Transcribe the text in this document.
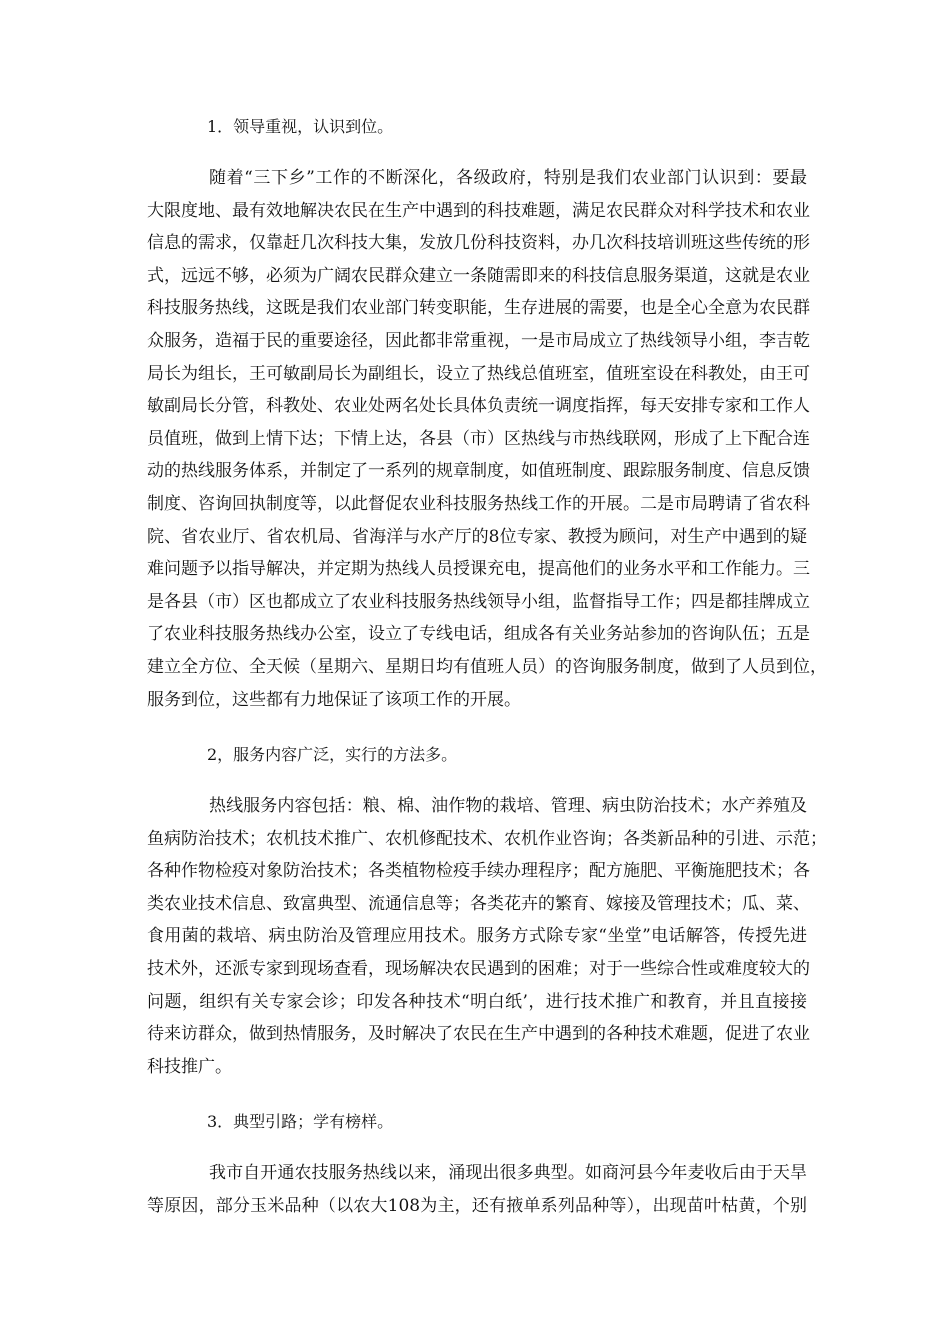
1．领导重视，认识到位。

随着“三下乡”工作的不断深化，各级政府，特别是我们农业部门认识到：要最
大限度地、最有效地解决农民在生产中遇到的科技难题，满足农民群众对科学技术和农业
信息的需求，仅靠赶几次科技大集，发放几份科技资料，办几次科技培训班这些传统的形
式，远远不够，必须为广阔农民群众建立一条随需即来的科技信息服务渠道，这就是农业
科技服务热线，这既是我们农业部门转变职能，生存进展的需要，也是全心全意为农民群
众服务，造福于民的重要途径，因此都非常重视，一是市局成立了热线领导小组，李吉乾
局长为组长，王可敏副局长为副组长，设立了热线总值班室，值班室设在科教处，由王可
敏副局长分管，科教处、农业处两名处长具体负责统一调度指挥，每天安排专家和工作人
员值班，做到上情下达；下情上达，各县（市）区热线与市热线联网，形成了上下配合连
动的热线服务体系，并制定了一系列的规章制度，如值班制度、跟踪服务制度、信息反馈
制度、咨询回执制度等，以此督促农业科技服务热线工作的开展。二是市局聘请了省农科
院、省农业厅、省农机局、省海洋与水产厅的8位专家、教授为顾问，对生产中遇到的疑
难问题予以指导解决，并定期为热线人员授课充电，提高他们的业务水平和工作能力。三
是各县（市）区也都成立了农业科技服务热线领导小组，监督指导工作；四是都挂牌成立
了农业科技服务热线办公室，设立了专线电话，组成各有关业务站参加的咨询队伍；五是
建立全方位、全天候（星期六、星期日均有值班人员）的咨询服务制度，做到了人员到位，
服务到位，这些都有力地保证了该项工作的开展。

2，服务内容广泛，实行的方法多。

热线服务内容包括：粮、棉、油作物的栽培、管理、病虫防治技术；水产养殖及
鱼病防治技术；农机技术推广、农机修配技术、农机作业咨询；各类新品种的引进、示范；
各种作物检疫对象防治技术；各类植物检疫手续办理程序；配方施肥、平衡施肥技术；各
类农业技术信息、致富典型、流通信息等；各类花卉的繁育、嫁接及管理技术；瓜、菜、
食用菌的栽培、病虫防治及管理应用技术。服务方式除专家“坐堂”电话解答，传授先进
技术外，还派专家到现场查看，现场解决农民遇到的困难；对于一些综合性或难度较大的
问题，组织有关专家会诊；印发各种技术“明白纸’，进行技术推广和教育，并且直接接
待来访群众，做到热情服务，及时解决了农民在生产中遇到的各种技术难题，促进了农业
科技推广。

3．典型引路；学有榜样。

我市自开通农技服务热线以来，涌现出很多典型。如商河县今年麦收后由于天旱
等原因，部分玉米品种（以农大108为主，还有掖单系列品种等），出现苗叶枯黄，个别
